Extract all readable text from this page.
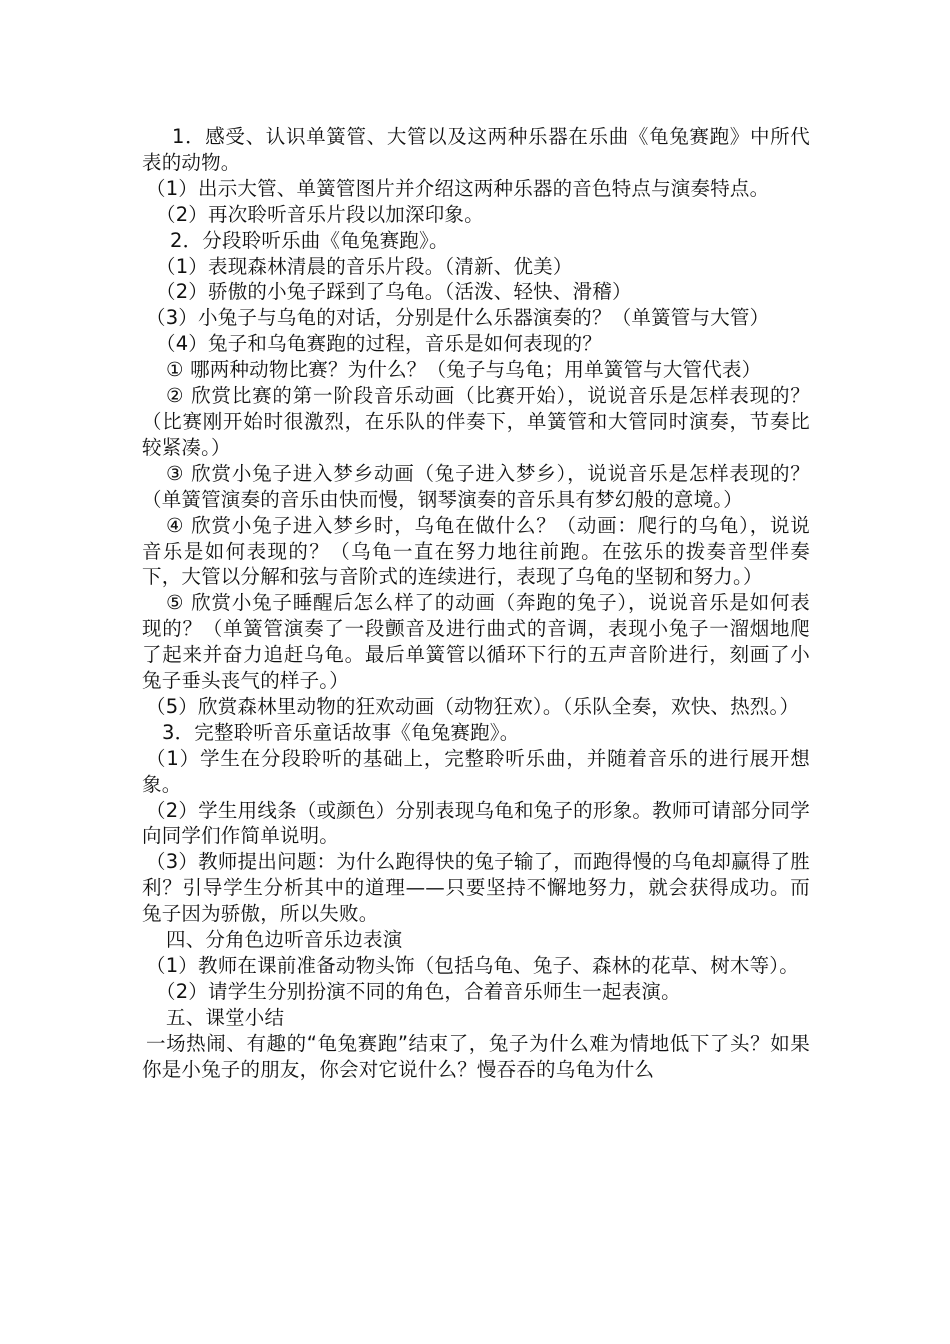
1．感受、认识单簧管、大管以及这两种乐器在乐曲《龟兔赛跑》中所代表的动物。

（1）出示大管、单簧管图片并介绍这两种乐器的音色特点与演奏特点。

（2）再次聆听音乐片段以加深印象。

2．分段聆听乐曲《龟兔赛跑》。

（1）表现森林清晨的音乐片段。（清新、优美）

（2）骄傲的小兔子踩到了乌龟。（活泼、轻快、滑稽）

（3）小兔子与乌龟的对话，分别是什么乐器演奏的？（单簧管与大管）

（4）兔子和乌龟赛跑的过程，音乐是如何表现的？

① 哪两种动物比赛？为什么？（兔子与乌龟；用单簧管与大管代表）

② 欣赏比赛的第一阶段音乐动画（比赛开始），说说音乐是怎样表现的？（比赛刚开始时很激烈，在乐队的伴奏下，单簧管和大管同时演奏，节奏比较紧凑。）

③ 欣赏小兔子进入梦乡动画（兔子进入梦乡），说说音乐是怎样表现的？（单簧管演奏的音乐由快而慢，钢琴演奏的音乐具有梦幻般的意境。）

④ 欣赏小兔子进入梦乡时，乌龟在做什么？（动画：爬行的乌龟），说说音乐是如何表现的？（乌龟一直在努力地往前跑。在弦乐的拨奏音型伴奏下，大管以分解和弦与音阶式的连续进行，表现了乌龟的坚韧和努力。）

⑤ 欣赏小兔子睡醒后怎么样了的动画（奔跑的兔子），说说音乐是如何表现的？（单簧管演奏了一段颤音及进行曲式的音调，表现小兔子一溜烟地爬了起来并奋力追赶乌龟。最后单簧管以循环下行的五声音阶进行，刻画了小兔子垂头丧气的样子。）

（5）欣赏森林里动物的狂欢动画（动物狂欢）。（乐队全奏，欢快、热烈。）

3．完整聆听音乐童话故事《龟兔赛跑》。

（1）学生在分段聆听的基础上，完整聆听乐曲，并随着音乐的进行展开想象。

（2）学生用线条（或颜色）分别表现乌龟和兔子的形象。教师可请部分同学向同学们作简单说明。

（3）教师提出问题：为什么跑得快的兔子输了，而跑得慢的乌龟却赢得了胜利？引导学生分析其中的道理——只要坚持不懈地努力，就会获得成功。而兔子因为骄傲，所以失败。

四、分角色边听音乐边表演

（1）教师在课前准备动物头饰（包括乌龟、兔子、森林的花草、树木等）。

（2）请学生分别扮演不同的角色，合着音乐师生一起表演。

五、课堂小结

一场热闹、有趣的“龟兔赛跑”结束了，兔子为什么难为情地低下了头？如果你是小兔子的朋友，你会对它说什么？慢吞吞的乌龟为什么
